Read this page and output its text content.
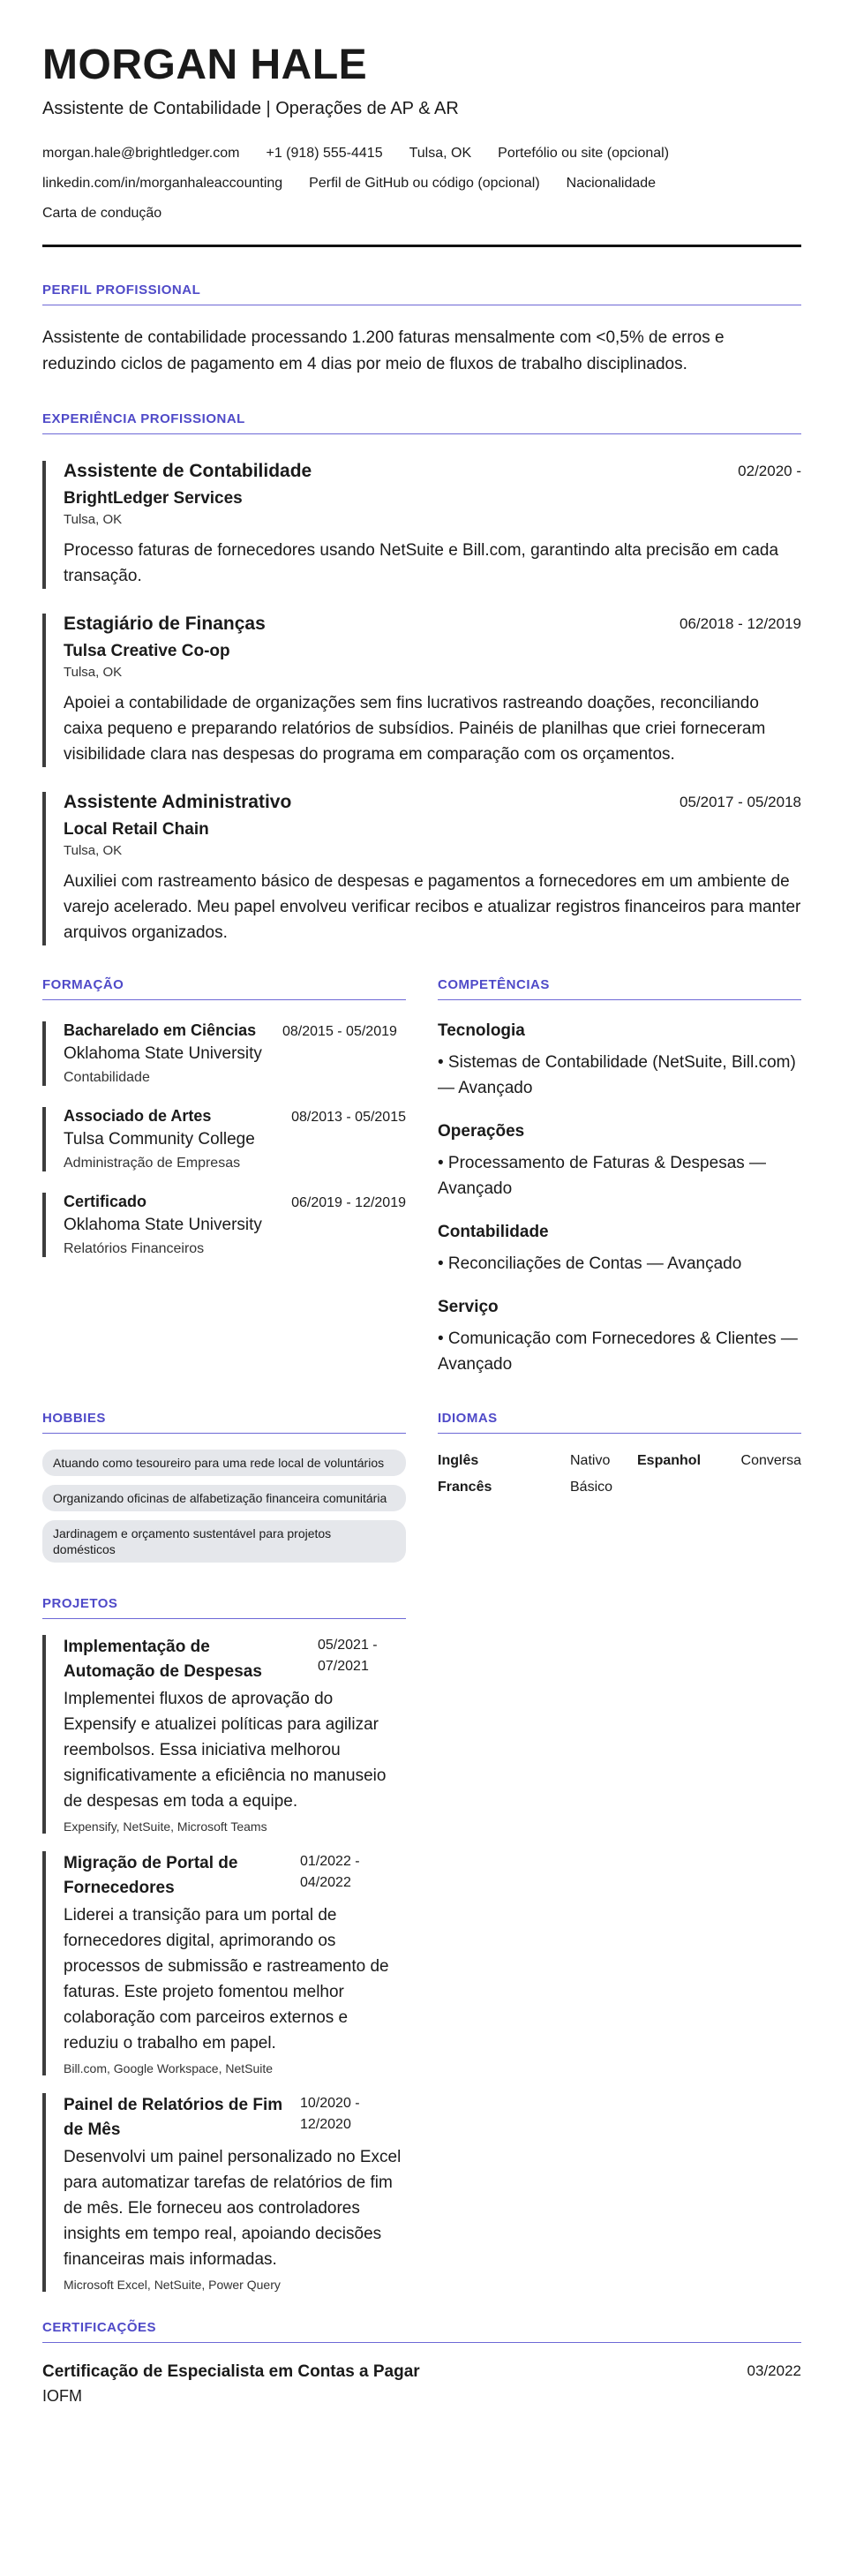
MORGAN HALE
Assistente de Contabilidade | Operações de AP & AR
morgan.hale@brightledger.com +1 (918) 555-4415 Tulsa, OK Portefólio ou site (opcional)
linkedin.com/in/morganhaleaccounting Perfil de GitHub ou código (opcional) Nacionalidade
Carta de condução
PERFIL PROFISSIONAL
Assistente de contabilidade processando 1.200 faturas mensalmente com <0,5% de erros e reduzindo ciclos de pagamento em 4 dias por meio de fluxos de trabalho disciplinados.
EXPERIÊNCIA PROFISSIONAL
Assistente de Contabilidade	02/2020 -
BrightLedger Services
Tulsa, OK
Processo faturas de fornecedores usando NetSuite e Bill.com, garantindo alta precisão em cada transação.
Estagiário de Finanças	06/2018 - 12/2019
Tulsa Creative Co-op
Tulsa, OK
Apoiei a contabilidade de organizações sem fins lucrativos rastreando doações, reconciliando caixa pequeno e preparando relatórios de subsídios. Painéis de planilhas que criei forneceram visibilidade clara nas despesas do programa em comparação com os orçamentos.
Assistente Administrativo	05/2017 - 05/2018
Local Retail Chain
Tulsa, OK
Auxiliei com rastreamento básico de despesas e pagamentos a fornecedores em um ambiente de varejo acelerado. Meu papel envolveu verificar recibos e atualizar registros financeiros para manter arquivos organizados.
FORMAÇÃO
Bacharelado em Ciências	08/2015 - 05/2019
Oklahoma State University
Contabilidade
Associado de Artes	08/2013 - 05/2015
Tulsa Community College
Administração de Empresas
Certificado	06/2019 - 12/2019
Oklahoma State University
Relatórios Financeiros
COMPETÊNCIAS
Tecnologia
• Sistemas de Contabilidade (NetSuite, Bill.com) — Avançado
Operações
• Processamento de Faturas & Despesas — Avançado
Contabilidade
• Reconciliações de Contas — Avançado
Serviço
• Comunicação com Fornecedores & Clientes — Avançado
HOBBIES
Atuando como tesoureiro para uma rede local de voluntários
Organizando oficinas de alfabetização financeira comunitária
Jardinagem e orçamento sustentável para projetos domésticos
IDIOMAS
Inglês	Nativo	Espanhol	Conversa
Francês	Básico
PROJETOS
Implementação de Automação de Despesas
05/2021 - 07/2021
Implementei fluxos de aprovação do Expensify e atualizei políticas para agilizar reembolsos. Essa iniciativa melhorou significativamente a eficiência no manuseio de despesas em toda a equipe.
Expensify, NetSuite, Microsoft Teams
Migração de Portal de Fornecedores
01/2022 - 04/2022
Liderei a transição para um portal de fornecedores digital, aprimorando os processos de submissão e rastreamento de faturas. Este projeto fomentou melhor colaboração com parceiros externos e reduziu o trabalho em papel.
Bill.com, Google Workspace, NetSuite
Painel de Relatórios de Fim de Mês
10/2020 - 12/2020
Desenvolvi um painel personalizado no Excel para automatizar tarefas de relatórios de fim de mês. Ele forneceu aos controladores insights em tempo real, apoiando decisões financeiras mais informadas.
Microsoft Excel, NetSuite, Power Query
CERTIFICAÇÕES
Certificação de Especialista em Contas a Pagar	03/2022
IOFM
